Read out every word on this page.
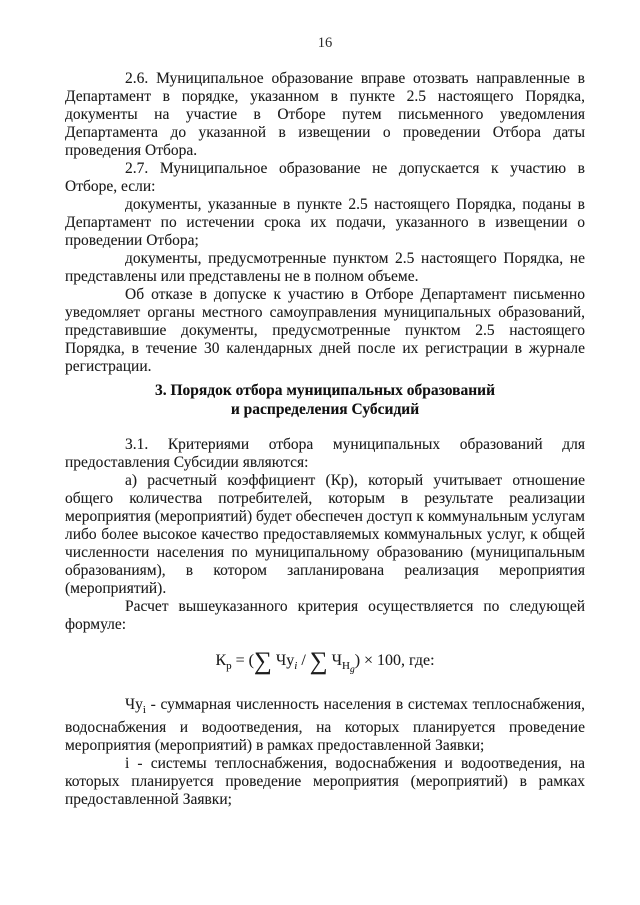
16

2.6. Муниципальное образование вправе отозвать направленные в Департамент в порядке, указанном в пункте 2.5 настоящего Порядка, документы на участие в Отборе путем письменного уведомления Департамента до указанной в извещении о проведении Отбора даты проведения Отбора.

2.7. Муниципальное образование не допускается к участию в Отборе, если:

документы, указанные в пункте 2.5 настоящего Порядка, поданы в Департамент по истечении срока их подачи, указанного в извещении о проведении Отбора;

документы, предусмотренные пунктом 2.5 настоящего Порядка, не представлены или представлены не в полном объеме.

Об отказе в допуске к участию в Отборе Департамент письменно уведомляет органы местного самоуправления муниципальных образований, представившие документы, предусмотренные пунктом 2.5 настоящего Порядка, в течение 30 календарных дней после их регистрации в журнале регистрации.

3. Порядок отбора муниципальных образований
и распределения Субсидий

3.1. Критериями отбора муниципальных образований для предоставления Субсидии являются:

а) расчетный коэффициент (Кр), который учитывает отношение общего количества потребителей, которым в результате реализации мероприятия (мероприятий) будет обеспечен доступ к коммунальным услугам либо более высокое качество предоставляемых коммунальных услуг, к общей численности населения по муниципальному образованию (муниципальным образованиям), в котором запланирована реализация мероприятия (мероприятий).

Расчет вышеуказанного критерия осуществляется по следующей формуле:

$К_р$ = (∑ $Чу_i$ / ∑ $Ч_{Нg}) \times 100$, где:

$Чу_i$ - суммарная численность населения в системах теплоснабжения, водоснабжения и водоотведения, на которых планируется проведение мероприятия (мероприятий) в рамках предоставленной Заявки;

i - системы теплоснабжения, водоснабжения и водоотведения, на которых планируется проведение мероприятия (мероприятий) в рамках предоставленной Заявки;
